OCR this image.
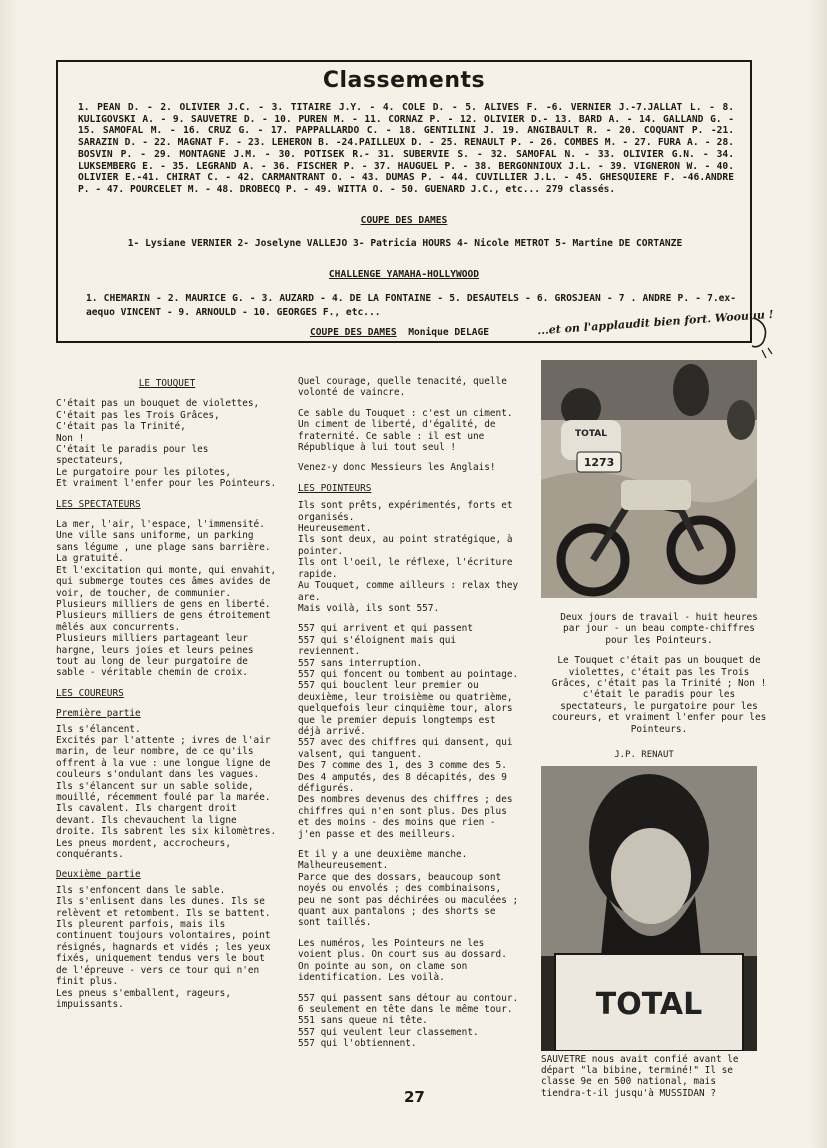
Classements
1. PEAN D. - 2. OLIVIER J.C. - 3. TITAIRE J.Y. - 4. COLE D. - 5. ALIVES F. -6. VERNIER J.-7.JALLAT L. - 8. KULIGOVSKI A. - 9. SAUVETRE D. - 10. PUREN M. - 11. CORNAZ P. - 12. OLIVIER D.- 13. BARD A. - 14. GALLAND G. - 15. SAMOFAL M. - 16. CRUZ G. - 17. PAPPALLARDO C. - 18. GENTILINI J. 19. ANGIBAULT R. - 20. COQUANT P. -21. SARAZIN D. - 22. MAGNAT F. - 23. LEHERON B. -24.PAILLEUX D. - 25. RENAULT P. - 26. COMBES M. - 27. FURA A. - 28. BOSVIN P. - 29. MONTAGNE J.M. - 30. POTISEK R.- 31. SUBERVIE S. - 32. SAMOFAL N. - 33. OLIVIER G.N. - 34. LUKSEMBERG E. - 35. LEGRAND A. - 36. FISCHER P. - 37. HAUGUEL P. - 38. BERGONNIOUX J.L. - 39. VIGNERON W. - 40. OLIVIER E.-41. CHIRAT C. - 42. CARMANTRANT O. - 43. DUMAS P. - 44. CUVILLIER J.L. - 45. GHESQUIERE F. -46.ANDRE P. - 47. POURCELET M. - 48. DROBECQ P. - 49. WITTA O. - 50. GUENARD J.C., etc... 279 classés.
COUPE DES DAMES
1- Lysiane VERNIER 2- Joselyne VALLEJO 3- Patricia HOURS 4- Nicole METROT 5- Martine DE CORTANZE
CHALLENGE YAMAHA-HOLLYWOOD
1. CHEMARIN - 2. MAURICE G. - 3. AUZARD - 4. DE LA FONTAINE - 5. DESAUTELS - 6. GROSJEAN - 7 . ANDRE P. - 7.ex-aequo VINCENT - 9. ARNOULD - 10. GEORGES F., etc...
COUPE DES DAMES Monique DELAGE	...et on l'applaudit bien fort. Woouuu !

LE TOUQUET

C'était pas un bouquet de violettes,
C'était pas les Trois Grâces,
C'était pas la Trinité,
Non !
C'était le paradis pour les spectateurs,
Le purgatoire pour les pilotes,
Et vraiment l'enfer pour les Pointeurs.

LES SPECTATEURS

La mer, l'air, l'espace, l'immensité.
Une ville sans uniforme, un parking sans légume , une plage sans barrière.
La gratuité.
Et l'excitation qui monte, qui envahit, qui submerge toutes ces âmes avides de voir, de toucher, de communier.
Plusieurs milliers de gens en liberté.
Plusieurs milliers de gens étroitement mêlés aux concurrents.
Plusieurs milliers partageant leur hargne, leurs joies et leurs peines tout au long de leur purgatoire de sable - véritable chemin de croix.

LES COUREURS

Première partie

Ils s'élancent.
Excités par l'attente ; ivres de l'air marin, de leur nombre, de ce qu'ils offrent à la vue : une longue ligne de couleurs s'ondulant dans les vagues.
Ils s'élancent sur un sable solide, mouillé, récemment foulé par la marée.
Ils cavalent. Ils chargent droit devant. Ils chevauchent la ligne droite. Ils sabrent les six kilomètres.
Les pneus mordent, accrocheurs, conquérants.

Deuxième partie

Ils s'enfoncent dans le sable.
Ils s'enlisent dans les dunes. Ils se relèvent et retombent. Ils se battent. Ils pleurent parfois, mais ils continuent toujours volontaires, point résignés, hagnards et vidés ; les yeux fixés, uniquement tendus vers le bout de l'épreuve - vers ce tour qui n'en finit plus.
Les pneus s'emballent, rageurs, impuissants.

Quel courage, quelle tenacité, quelle volonté de vaincre.

Ce sable du Touquet : c'est un ciment.
Un ciment de liberté, d'égalité, de fraternité. Ce sable : il est une République à lui tout seul !

Venez-y donc Messieurs les Anglais!

LES POINTEURS

Ils sont prêts, expérimentés, forts et organisés.
Heureusement.
Ils sont deux, au point stratégique, à pointer.
Ils ont l'oeil, le réflexe, l'écriture rapide.
Au Touquet, comme ailleurs : relax they are.
Mais voilà, ils sont 557.

557 qui arrivent et qui passent
557 qui s'éloignent mais qui reviennent.
557 sans interruption.
557 qui foncent ou tombent au pointage.
557 qui bouclent leur premier ou deuxième, leur troisième ou quatrième, quelquefois leur cinquième tour, alors que le premier depuis longtemps est déjà arrivé.
557 avec des chiffres qui dansent, qui valsent, qui tanguent.
Des 7 comme des 1, des 3 comme des 5. Des 4 amputés, des 8 décapités, des 9 défigurés.
Des nombres devenus des chiffres ; des chiffres qui n'en sont plus. Des plus et des moins - des moins que rien - j'en passe et des meilleurs.

Et il y a une deuxième manche.
Malheureusement.
Parce que des dossars, beaucoup sont noyés ou envolés ; des combinaisons, peu ne sont pas déchirées ou maculées ; quant aux pantalons ; des shorts se sont taillés.

Les numéros, les Pointeurs ne les voient plus. On court sus au dossard. On pointe au son, on clame son identification. Les voilà.

557 qui passent sans détour au contour.
6 seulement en tête dans le même tour.
551 sans queue ni tête.
557 qui veulent leur classement.
557 qui l'obtiennent.

1273
TOTAL

Deux jours de travail - huit heures par jour - un beau compte-chiffres pour les Pointeurs.

Le Touquet c'était pas un bouquet de violettes, c'était pas les Trois Grâces, c'était pas la Trinité ; Non ! c'était le paradis pour les spectateurs, le purgatoire pour les coureurs, et vraiment l'enfer pour les Pointeurs.

J.P. RENAUT
TOTAL
SAUVETRE nous avait confié avant le départ "la bibine, terminé!" Il se classe 9e en 500 national, mais tiendra-t-il jusqu'à MUSSIDAN ?
27
